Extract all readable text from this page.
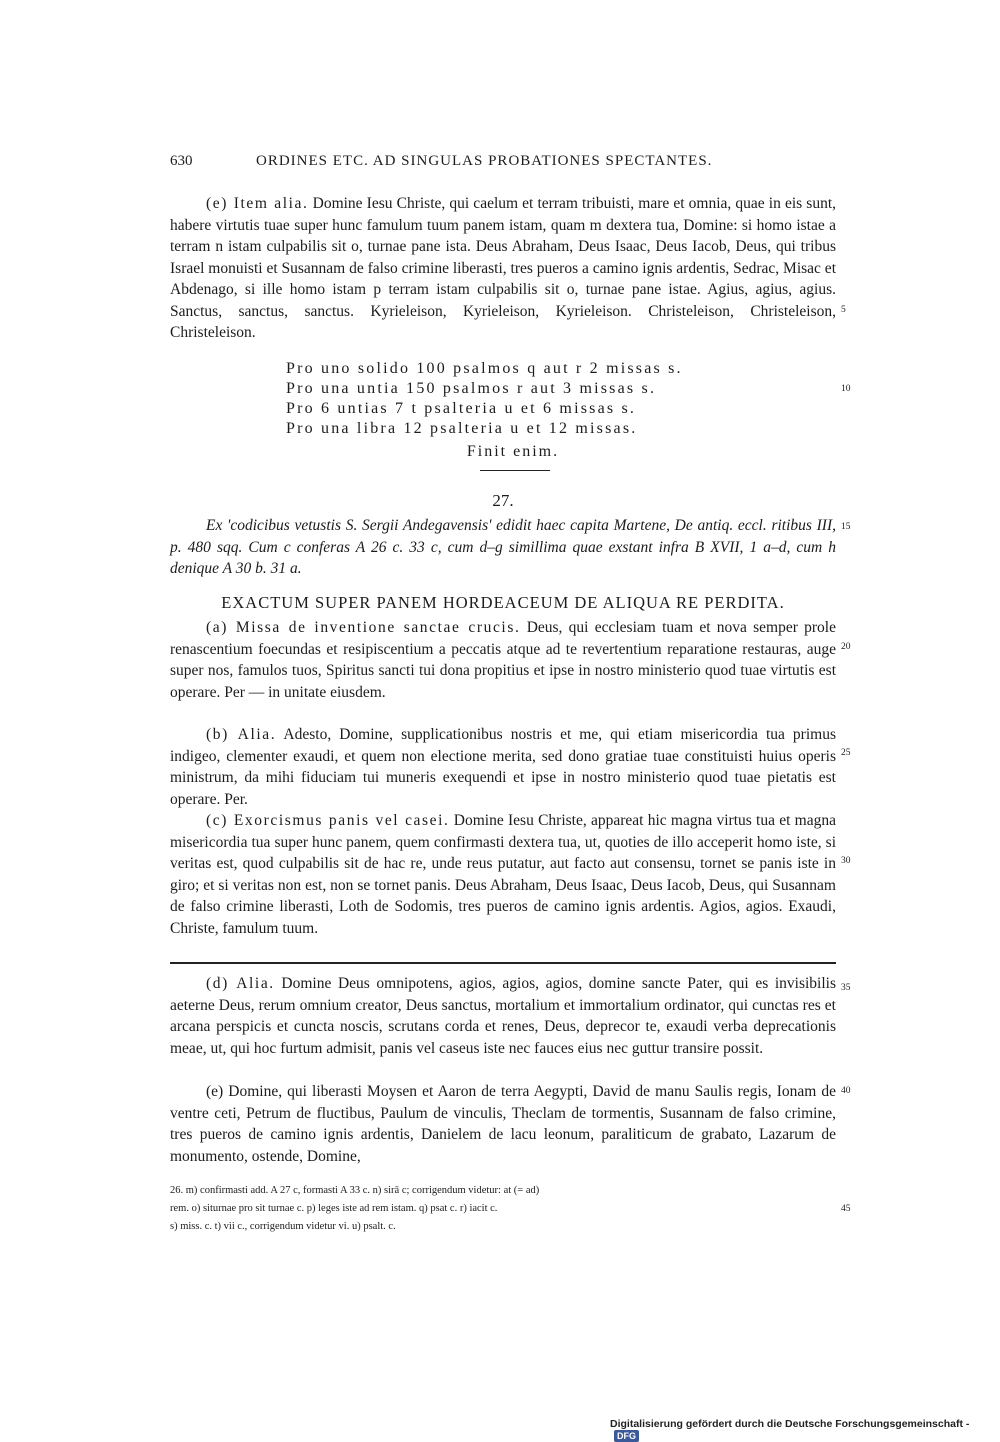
630	ORDINES ETC. AD SINGULAS PROBATIONES SPECTANTES.
(e) Item alia. Domine Iesu Christe, qui caelum et terram tribuisti, mare et omnia, quae in eis sunt, habere virtutis tuae super hunc famulum tuum panem istam, quam m dextera tua, Domine: si homo istae a terram n istam culpabilis sit o, turnae pane ista. Deus Abraham, Deus Isaac, Deus Iacob, Deus, qui tribus Israel monuisti et Susannam de falso crimine liberasti, tres pueros a camino ignis ardentis, Sedrac, Misac et Abdenago, si ille homo istam p terram istam culpabilis sit o, turnae pane istae. Agius, agius, agius. Sanctus, sanctus, sanctus. Kyrieleison, Kyrieleison, Kyrieleison. Christeleison, Christeleison, Christeleison.
Pro uno solido 100 psalmos q aut r 2 missas s.
Pro una untia 150 psalmos r aut 3 missas s.
Pro 6 untias 7 t psalteria u et 6 missas s.
Pro una libra 12 psalteria u et 12 missas.
Finit enim.
27.
Ex 'codicibus vetustis S. Sergii Andegavensis' edidit haec capita Martene, De antiq. eccl. ritibus III, p. 480 sqq. Cum c conferas A 26 c. 33 c, cum d–g simillima quae exstant infra B XVII, 1 a–d, cum h denique A 30 b. 31 a.
EXACTUM SUPER PANEM HORDEACEUM DE ALIQUA RE PERDITA.
(a) Missa de inventione sanctae crucis. Deus, qui ecclesiam tuam et nova semper prole renascentium foecundas et resipiscentium a peccatis atque ad te revertentium reparatione restauras, auge super nos, famulos tuos, Spiritus sancti tui dona propitius et ipse in nostro ministerio quod tuae virtutis est operare. Per — in unitate eiusdem.
(b) Alia. Adesto, Domine, supplicationibus nostris et me, qui etiam misericordia tua primus indigeo, clementer exaudi, et quem non electione merita, sed dono gratiae tuae constituisti huius operis ministrum, da mihi fiduciam tui muneris exequendi et ipse in nostro ministerio quod tuae pietatis est operare. Per.
(c) Exorcismus panis vel casei. Domine Iesu Christe, appareat hic magna virtus tua et magna misericordia tua super hunc panem, quem confirmasti dextera tua, ut, quoties de illo acceperit homo iste, si veritas est, quod culpabilis sit de hac re, unde reus putatur, aut facto aut consensu, tornet se panis iste in giro; et si veritas non est, non se tornet panis. Deus Abraham, Deus Isaac, Deus Iacob, Deus, qui Susannam de falso crimine liberasti, Loth de Sodomis, tres pueros de camino ignis ardentis. Agios, agios. Exaudi, Christe, famulum tuum.
(d) Alia. Domine Deus omnipotens, agios, agios, agios, domine sancte Pater, qui es invisibilis aeterne Deus, rerum omnium creator, Deus sanctus, mortalium et immortalium ordinator, qui cunctas res et arcana perspicis et cuncta noscis, scrutans corda et renes, Deus, deprecor te, exaudi verba deprecationis meae, ut, qui hoc furtum admisit, panis vel caseus iste nec fauces eius nec guttur transire possit.
(e) Domine, qui liberasti Moysen et Aaron de terra Aegypti, David de manu Saulis regis, Ionam de ventre ceti, Petrum de fluctibus, Paulum de vinculis, Theclam de tormentis, Susannam de falso crimine, tres pueros de camino ignis ardentis, Danielem de lacu leonum, paraliticum de grabato, Lazarum de monumento, ostende, Domine,
5
10
15
20
25
30
35
40
45
26. m) confirmasti add. A 27 c, formasti A 33 c. n) sirā c; corrigendum videtur: at (= ad)
rem. o) siturnae pro sit turnae c. p) leges iste ad rem istam. q) psat c. r) iacit c.
s) miss. c. t) vii c., corrigendum videtur vi. u) psalt. c.
Digitalisierung gefördert durch die Deutsche Forschungsgemeinschaft - DFG
